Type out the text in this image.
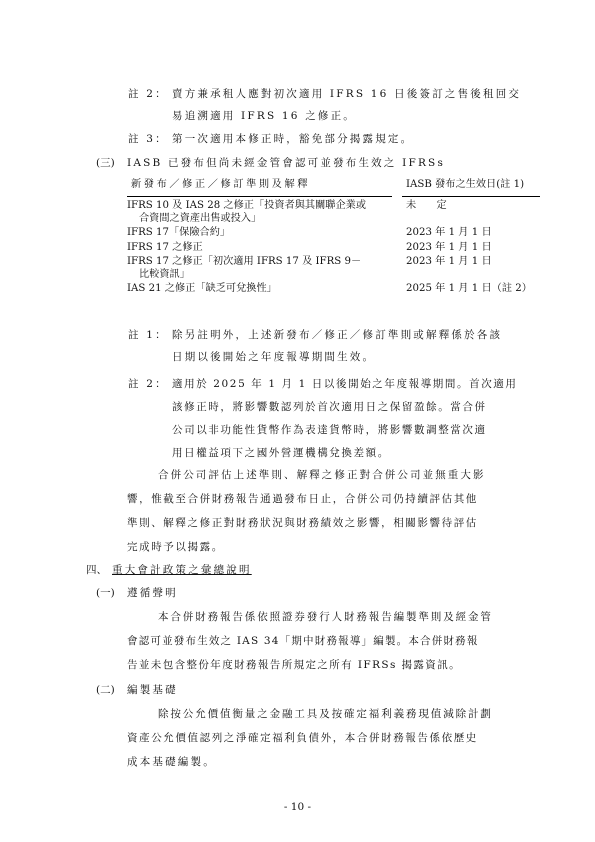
註 2： 賣方兼承租人應對初次適用 IFRS 16 日後簽訂之售後租回交
易追溯適用 IFRS 16 之修正。
註 3： 第一次適用本修正時，豁免部分揭露規定。
(三) IASB 已發布但尚未經金管會認可並發布生效之 IFRSs
新發布／修正／修訂準則及解釋	IASB 發布之生效日(註 1)

IFRS 10 及 IAS 28 之修正「投資者與其關聯企業或
合資間之資產出售或投入」	未　　定
IFRS 17「保險合約」	2023 年 1 月 1 日
IFRS 17 之修正	2023 年 1 月 1 日

IFRS 17 之修正「初次適用 IFRS 17 及 IFRS 9－
比較資訊」	2023 年 1 月 1 日
IAS 21 之修正「缺乏可兌換性」	2025 年 1 月 1 日（註 2）
註 1： 除另註明外，上述新發布／修正／修訂準則或解釋係於各該
日期以後開始之年度報導期間生效。
註 2： 適用於 2025 年 1 月 1 日以後開始之年度報導期間。首次適用
該修正時，將影響數認列於首次適用日之保留盈餘。當合併
公司以非功能性貨幣作為表達貨幣時，將影響數調整當次適
用日權益項下之國外營運機構兌換差額。
合併公司評估上述準則、解釋之修正對合併公司並無重大影
響，惟截至合併財務報告通過發布日止，合併公司仍持續評估其他
準則、解釋之修正對財務狀況與財務績效之影響，相關影響待評估
完成時予以揭露。
四、 重大會計政策之彙總說明
(一) 遵循聲明
本合併財務報告係依照證券發行人財務報告編製準則及經金管
會認可並發布生效之 IAS 34「期中財務報導」編製。本合併財務報
告並未包含整份年度財務報告所規定之所有 IFRSs 揭露資訊。
(二) 編製基礎
除按公允價值衡量之金融工具及按確定福利義務現值減除計劃
資產公允價值認列之淨確定福利負債外，本合併財務報告係依歷史
成本基礎編製。
- 10 -
